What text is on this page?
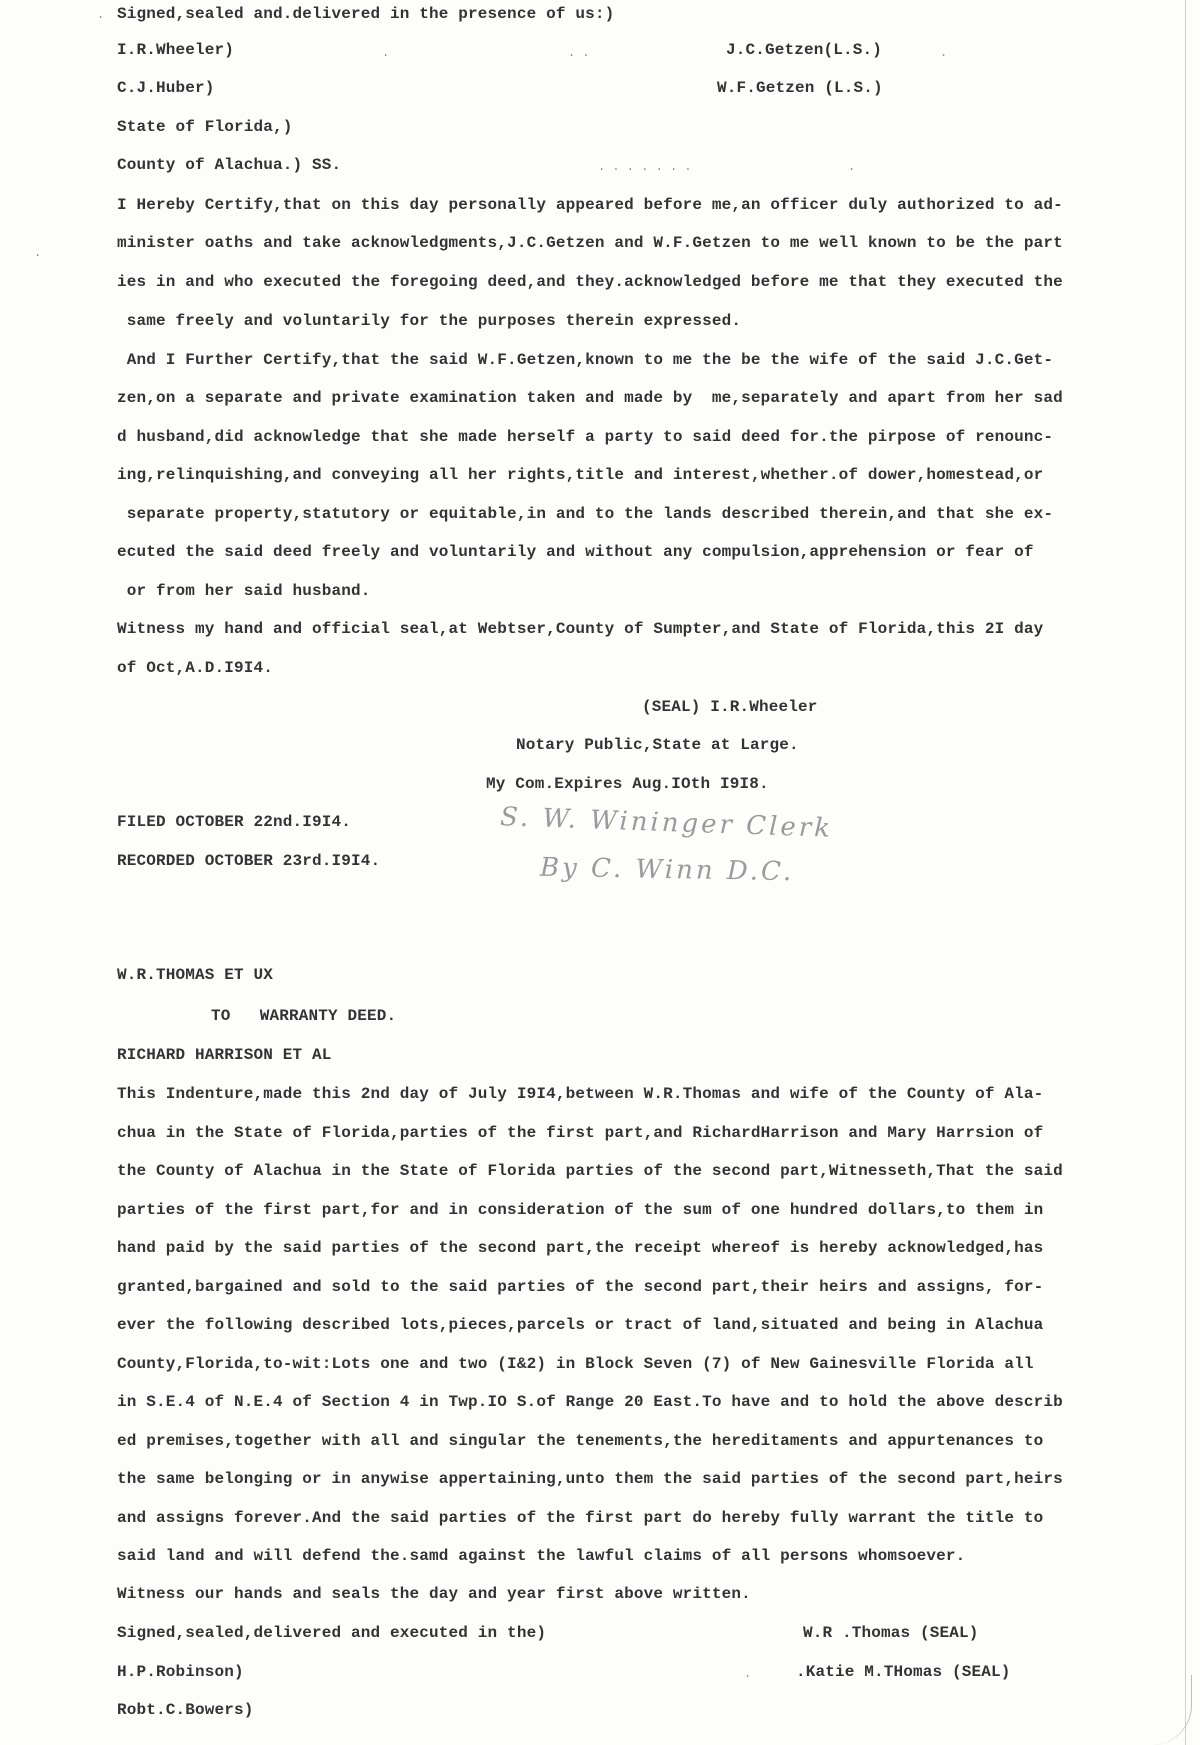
Signed,sealed and.delivered in the presence of us:)
I.R.Wheeler)	J.C.Getzen(L.S.)
C.J.Huber)	W.F.Getzen (L.S.)
State of Florida,)
County of Alachua.) SS.
I Hereby Certify,that on this day personally appeared before me,an officer duly authorized to ad-
minister oaths and take acknowledgments,J.C.Getzen and W.F.Getzen to me well known to be the part
ies in and who executed the foregoing deed,and they.acknowledged before me that they executed the
same freely and voluntarily for the purposes therein expressed.
And I Further Certify,that the said W.F.Getzen,known to me the be the wife of the said J.C.Get-
zen,on a separate and private examination taken and made by  me,separately and apart from her sad
d husband,did acknowledge that she made herself a party to said deed for.the pirpose of renounc-
ing,relinquishing,and conveying all her rights,title and interest,whether.of dower,homestead,or
separate property,statutory or equitable,in and to the lands described therein,and that she ex-
ecuted the said deed freely and voluntarily and without any compulsion,apprehension or fear of
or from her said husband.
Witness my hand and official seal,at Webtser,County of Sumpter,and State of Florida,this 2I day
of Oct,A.D.I9I4.
(SEAL) I.R.Wheeler
Notary Public,State at Large.
My Com.Expires Aug.IOth I9I8.
FILED OCTOBER 22nd.I9I4.
RECORDED OCTOBER 23rd.I9I4.
S. W. Wininger Clerk
By C. Winn D.C.
W.R.THOMAS ET UX
TO   WARRANTY DEED.
RICHARD HARRISON ET AL
This Indenture,made this 2nd day of July I9I4,between W.R.Thomas and wife of the County of Ala-
chua in the State of Florida,parties of the first part,and RichardHarrison and Mary Harrsion of
the County of Alachua in the State of Florida parties of the second part,Witnesseth,That the said
parties of the first part,for and in consideration of the sum of one hundred dollars,to them in
hand paid by the said parties of the second part,the receipt whereof is hereby acknowledged,has
granted,bargained and sold to the said parties of the second part,their heirs and assigns, for-
ever the following described lots,pieces,parcels or tract of land,situated and being in Alachua
County,Florida,to-wit:Lots one and two (I&2) in Block Seven (7) of New Gainesville Florida all
in S.E.4 of N.E.4 of Section 4 in Twp.IO S.of Range 20 East.To have and to hold the above describ
ed premises,together with all and singular the tenements,the hereditaments and appurtenances to
the same belonging or in anywise appertaining,unto them the said parties of the second part,heirs
and assigns forever.And the said parties of the first part do hereby fully warrant the title to
said land and will defend the.samd against the lawful claims of all persons whomsoever.
Witness our hands and seals the day and year first above written.
Signed,sealed,delivered and executed in the)	W.R .Thomas (SEAL)
H.P.Robinson)	.Katie M.THomas (SEAL)
Robt.C.Bowers)
.
.	. .	.
. . . . . . .	.
.
.
